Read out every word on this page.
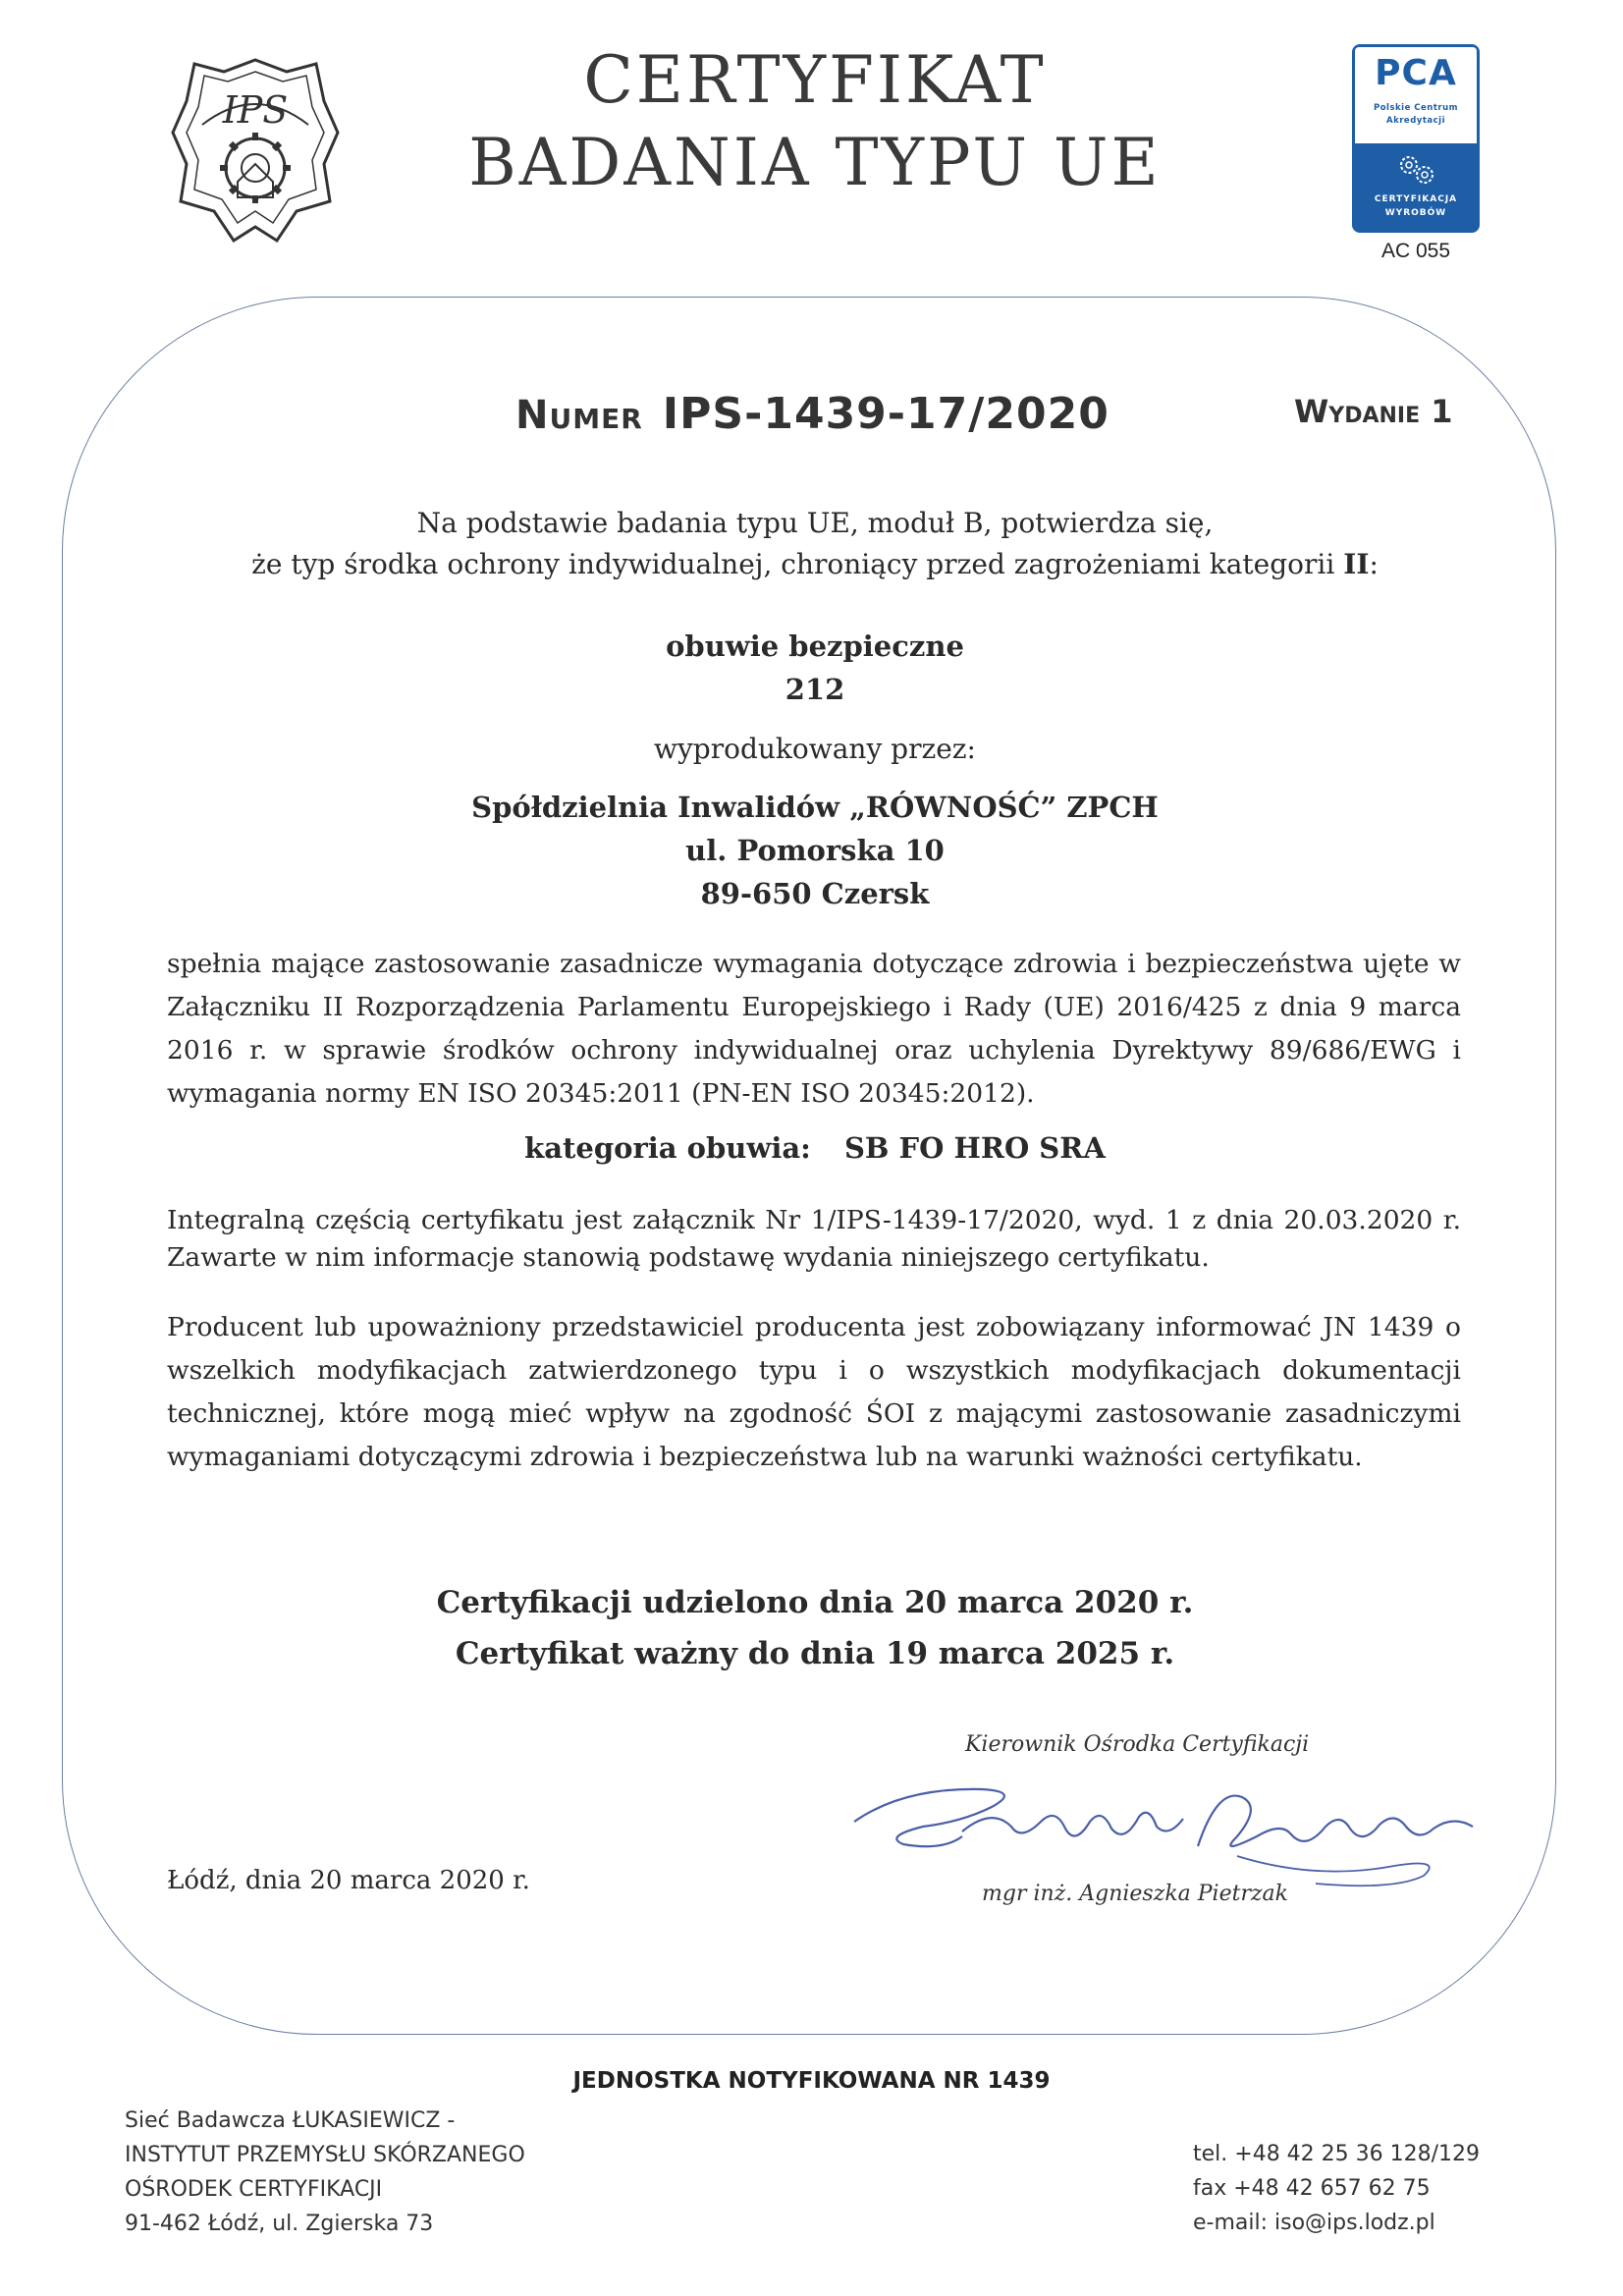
IPS	CERTYFIKAT
BADANIA TYPU UE
PCA
Polskie Centrum
Akredytacji
CERTYFIKACJA
WYROBÓW
AC 055
Numer IPS-1439-17/2020	Wydanie 1
Na podstawie badania typu UE, moduł B, potwierdza się,
że typ środka ochrony indywidualnej, chroniący przed zagrożeniami kategorii II:
obuwie bezpieczne
212
wyprodukowany przez:
Spółdzielnia Inwalidów „RÓWNOŚĆ” ZPCH
ul. Pomorska 10
89-650 Czersk
spełnia mające zastosowanie zasadnicze wymagania dotyczące zdrowia i bezpieczeństwa ujęte w Załączniku II Rozporządzenia Parlamentu Europejskiego i Rady (UE) 2016/425 z dnia 9 marca 2016 r. w sprawie środków ochrony indywidualnej oraz uchylenia Dyrektywy 89/686/EWG i wymagania normy EN ISO 20345:2011 (PN-EN ISO 20345:2012).
kategoria obuwia: SB FO HRO SRA
Integralną częścią certyfikatu jest załącznik Nr 1/IPS-1439-17/2020, wyd. 1 z dnia 20.03.2020 r. Zawarte w nim informacje stanowią podstawę wydania niniejszego certyfikatu.
Producent lub upoważniony przedstawiciel producenta jest zobowiązany informować JN 1439 o wszelkich modyfikacjach zatwierdzonego typu i o wszystkich modyfikacjach dokumentacji technicznej, które mogą mieć wpływ na zgodność ŚOI z mającymi zastosowanie zasadniczymi wymaganiami dotyczącymi zdrowia i bezpieczeństwa lub na warunki ważności certyfikatu.
Certyfikacji udzielono dnia 20 marca 2020 r.
Certyfikat ważny do dnia 19 marca 2025 r.
Kierownik Ośrodka Certyfikacji
mgr inż. Agnieszka Pietrzak
Łódź, dnia 20 marca 2020 r.
JEDNOSTKA NOTYFIKOWANA NR 1439
Sieć Badawcza ŁUKASIEWICZ -
INSTYTUT PRZEMYSŁU SKÓRZANEGO
OŚRODEK CERTYFIKACJI
91-462 Łódź, ul. Zgierska 73
tel. +48 42 25 36 128/129
fax +48 42 657 62 75
e-mail: iso@ips.lodz.pl
